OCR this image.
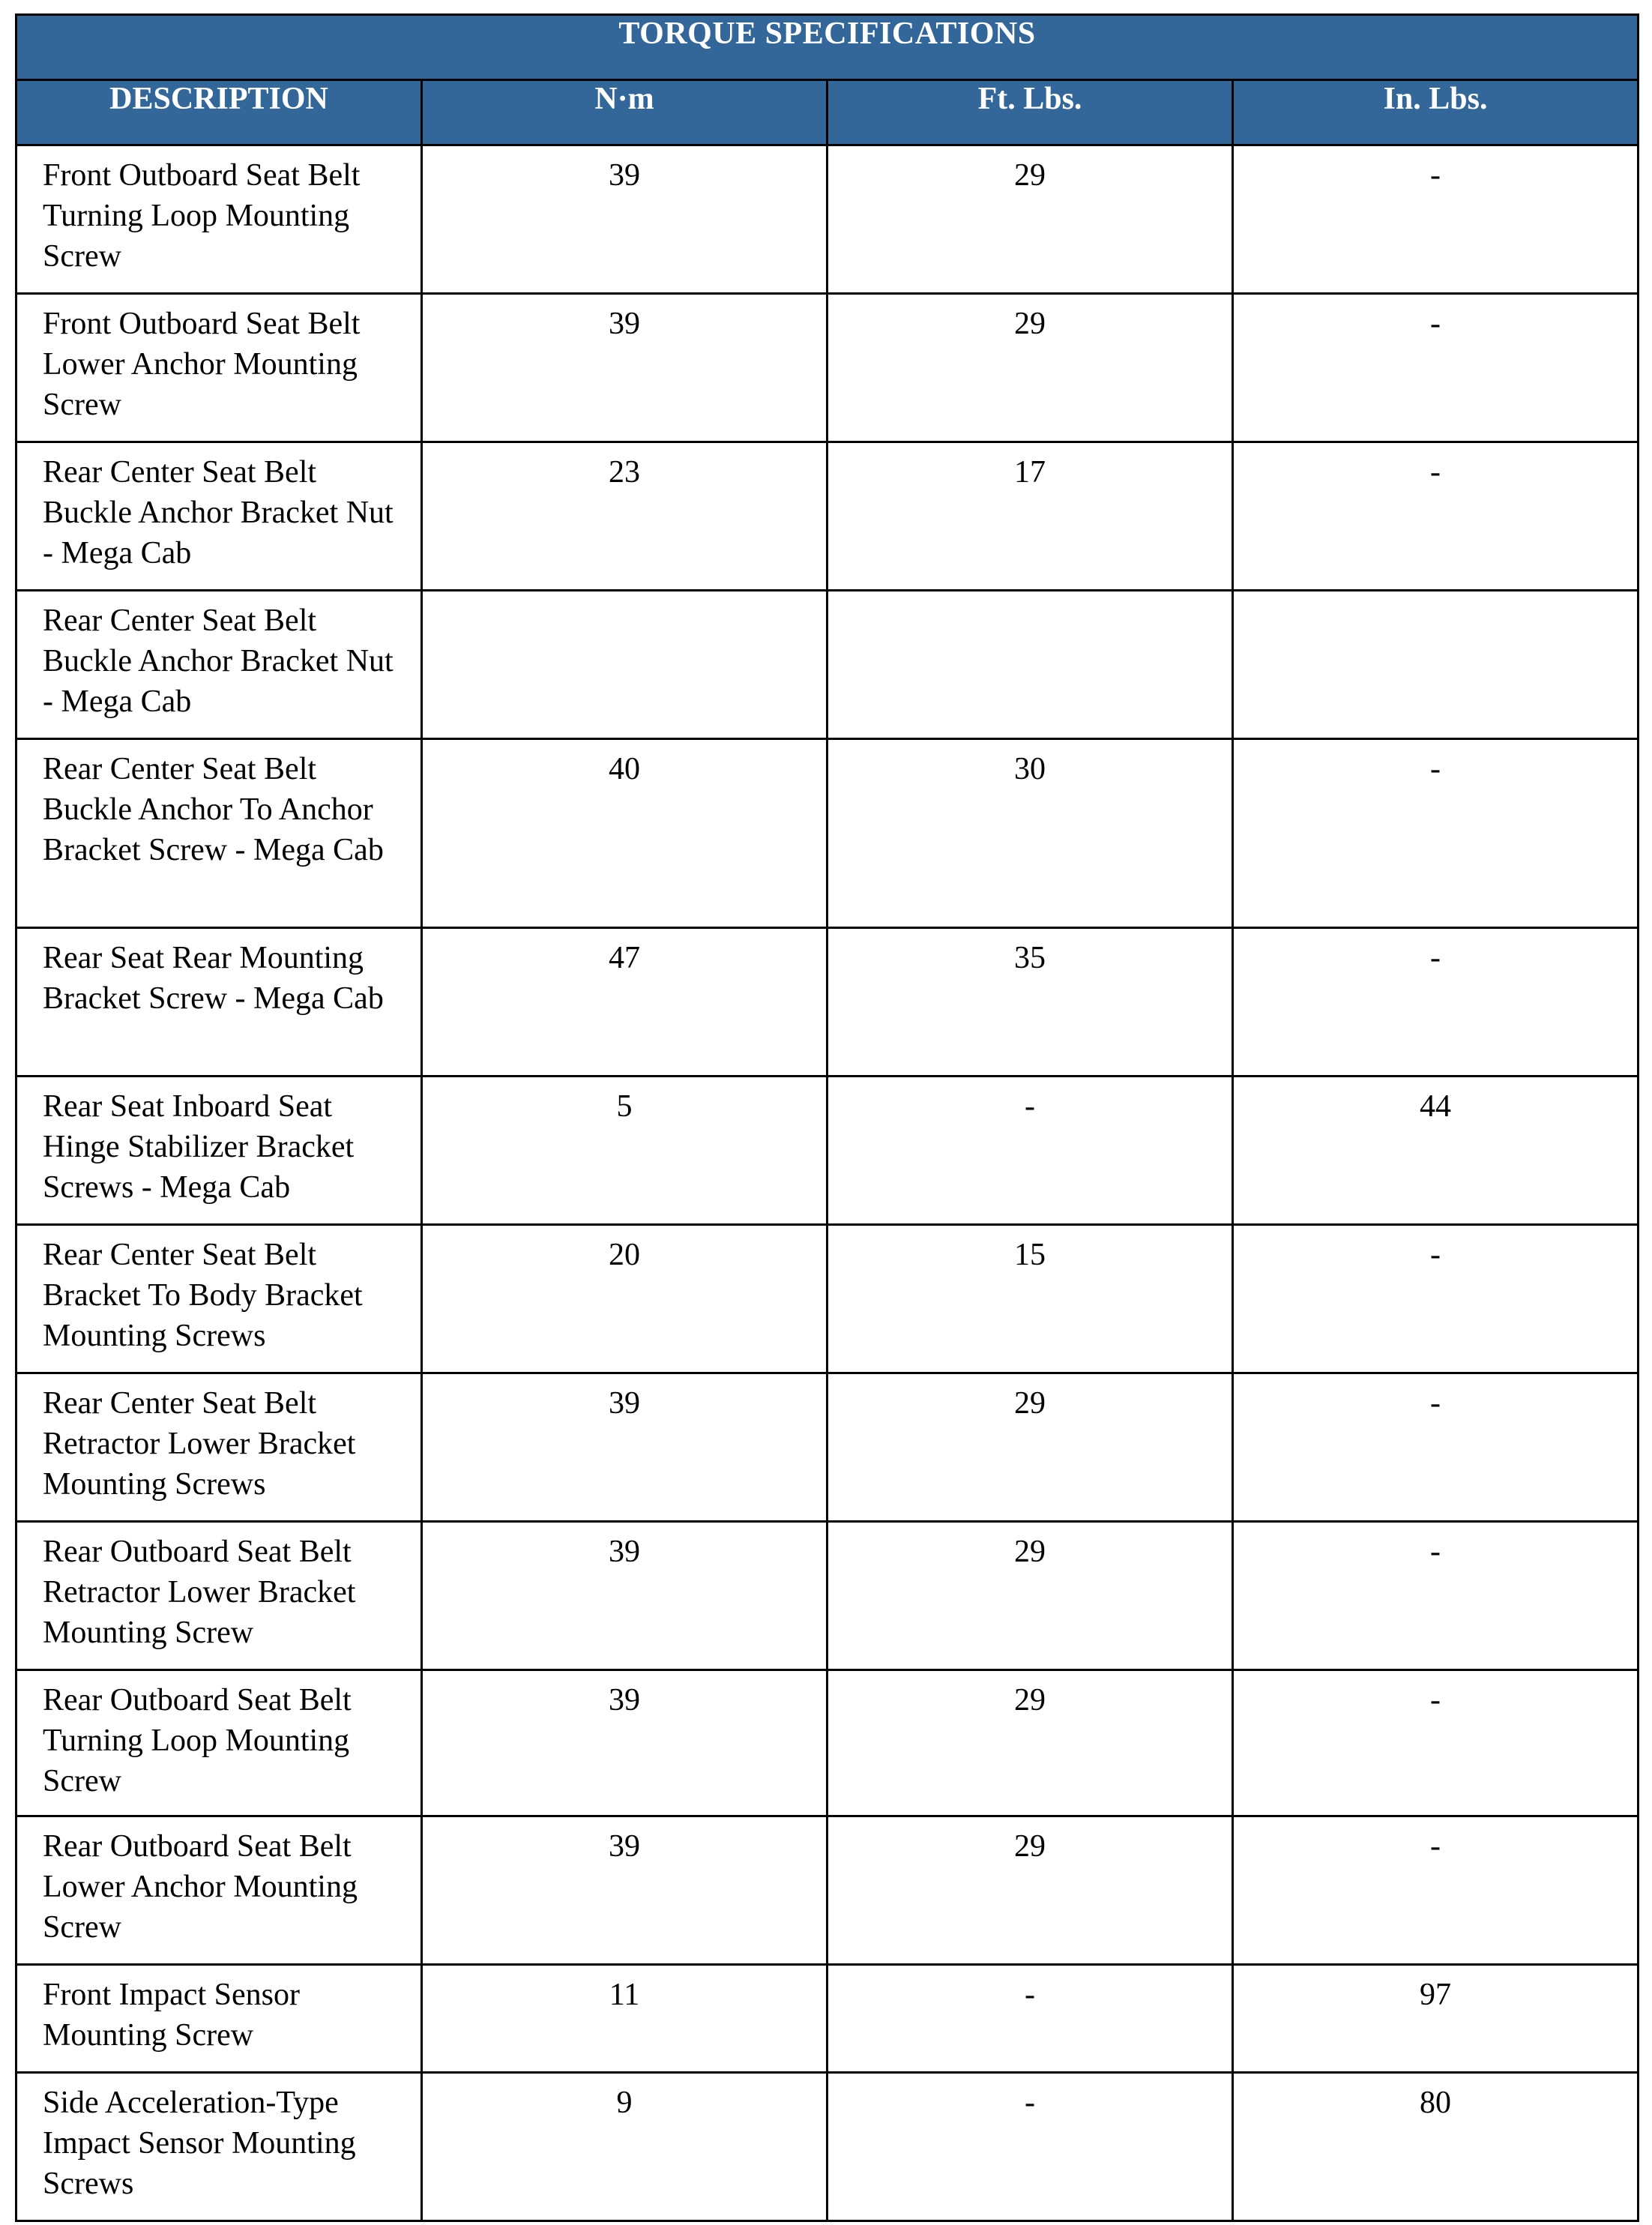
TORQUE SPECIFICATIONS			
DESCRIPTION	N·m	Ft. Lbs.	In. Lbs.
Front Outboard Seat Belt Turning Loop Mounting Screw	39	29	-
Front Outboard Seat Belt Lower Anchor Mounting Screw	39	29	-
Rear Center Seat Belt Buckle Anchor Bracket Nut - Mega Cab	23	17	-
Rear Center Seat Belt Buckle Anchor Bracket Nut - Mega Cab			
Rear Center Seat Belt Buckle Anchor To Anchor Bracket Screw - Mega Cab	40	30	-
Rear Seat Rear Mounting Bracket Screw - Mega Cab	47	35	-
Rear Seat Inboard Seat Hinge Stabilizer Bracket Screws - Mega Cab	5	-	44
Rear Center Seat Belt Bracket To Body Bracket Mounting Screws	20	15	-
Rear Center Seat Belt Retractor Lower Bracket Mounting Screws	39	29	-
Rear Outboard Seat Belt Retractor Lower Bracket Mounting Screw	39	29	-
Rear Outboard Seat Belt Turning Loop Mounting Screw	39	29	-
Rear Outboard Seat Belt Lower Anchor Mounting Screw	39	29	-
Front Impact Sensor Mounting Screw	11	-	97
Side Acceleration-Type Impact Sensor Mounting Screws	9	-	80
